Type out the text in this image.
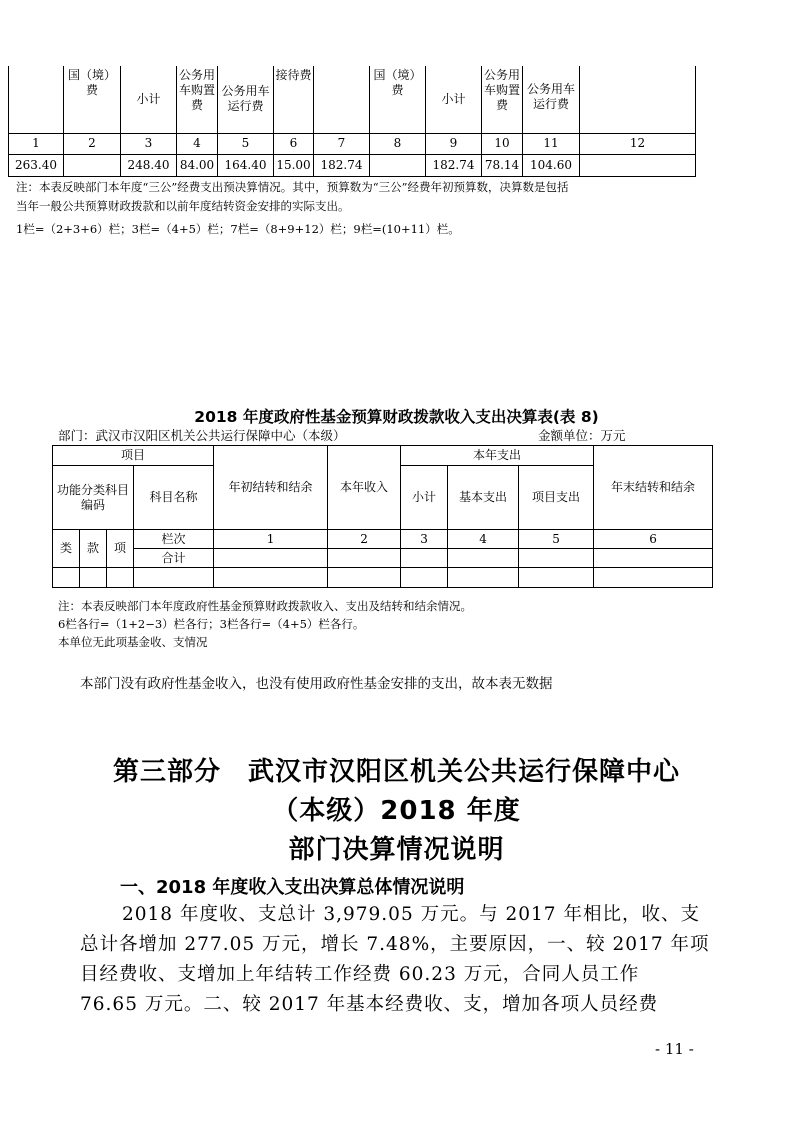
	国（境）费	小计	公务用车购置费	公务用车运行费	接待费		国（境）费	小计	公务用车购置费	公务用车运行费	
1	2	3	4	5	6	7	8	9	10	11	12
263.40		248.40	84.00	164.40	15.00	182.74		182.74	78.14	104.60	
注：本表反映部门本年度“三公”经费支出预决算情况。其中，预算数为“三公”经费年初预算数，决算数是包括
当年一般公共预算财政拨款和以前年度结转资金安排的实际支出。
1栏=（2+3+6）栏；3栏=（4+5）栏；7栏=（8+9+12）栏；9栏=(10+11）栏。
2018 年度政府性基金预算财政拨款收入支出决算表(表 8)
部门：武汉市汉阳区机关公共运行保障中心（本级）	金额单位：万元
项目				年初结转和结余	本年收入	本年支出			年末结转和结余
功能分类科目编码			科目名称			小计	基本支出	项目支出	
类	款	项	栏次	1	2	3	4	5	6
			合计						

注：本表反映部门本年度政府性基金预算财政拨款收入、支出及结转和结余情况。
6栏各行=（1+2−3）栏各行；3栏各行=（4+5）栏各行。
本单位无此项基金收、支情况
本部门没有政府性基金收入，也没有使用政府性基金安排的支出，故本表无数据
第三部分　武汉市汉阳区机关公共运行保障中心
（本级）2018 年度
部门决算情况说明
一、2018 年度收入支出决算总体情况说明
2018 年度收、支总计 3,979.05 万元。与 2017 年相比，收、支
总计各增加 277.05 万元，增长 7.48%，主要原因，一、较 2017 年项
目经费收、支增加上年结转工作经费 60.23 万元，合同人员工作
76.65 万元。二、较 2017 年基本经费收、支，增加各项人员经费
- 11 -
